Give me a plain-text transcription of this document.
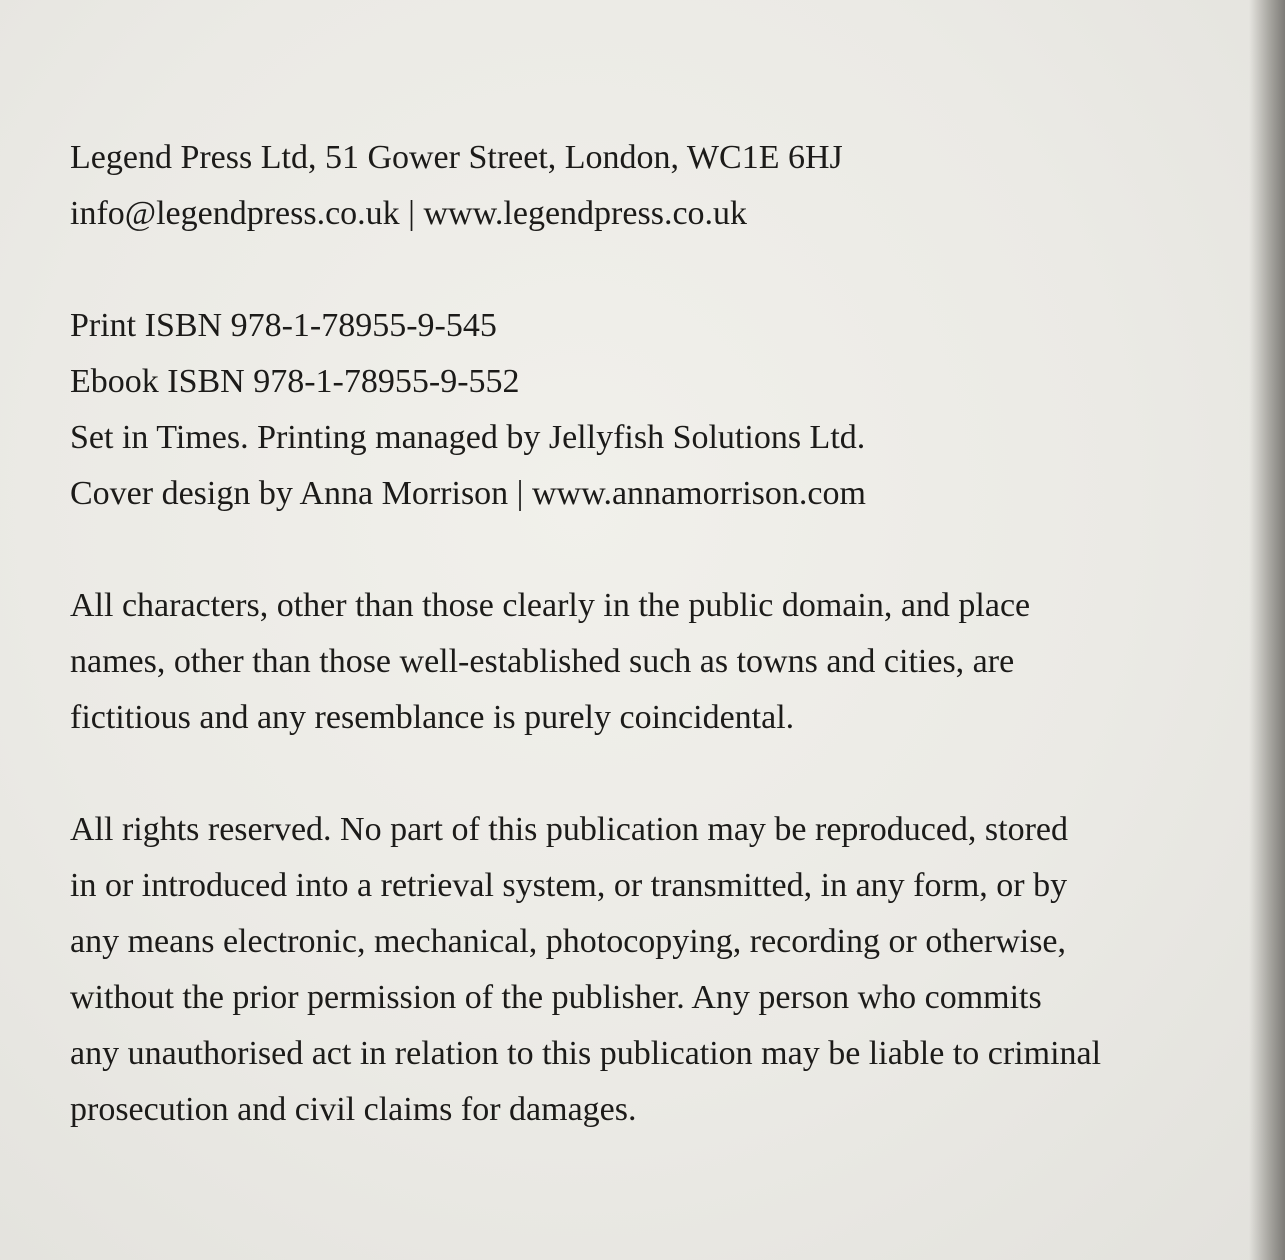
Legend Press Ltd, 51 Gower Street, London, WC1E 6HJ
info@legendpress.co.uk | www.legendpress.co.uk
Print ISBN 978-1-78955-9-545
Ebook ISBN 978-1-78955-9-552
Set in Times. Printing managed by Jellyfish Solutions Ltd.
Cover design by Anna Morrison | www.annamorrison.com
All characters, other than those clearly in the public domain, and place
names, other than those well-established such as towns and cities, are
fictitious and any resemblance is purely coincidental.
All rights reserved. No part of this publication may be reproduced, stored
in or introduced into a retrieval system, or transmitted, in any form, or by
any means electronic, mechanical, photocopying, recording or otherwise,
without the prior permission of the publisher. Any person who commits
any unauthorised act in relation to this publication may be liable to criminal
prosecution and civil claims for damages.
